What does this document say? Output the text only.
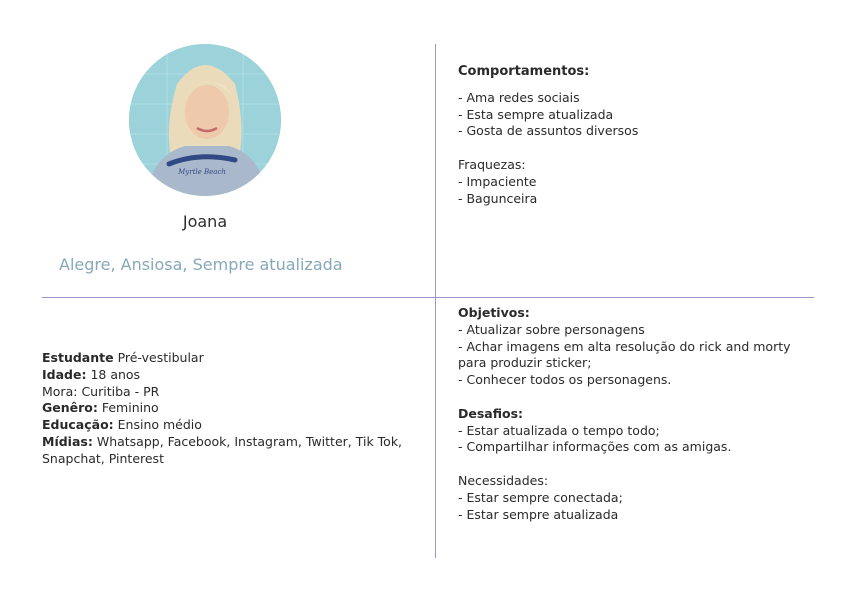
Myrtle Beach
Joana
Alegre, Ansiosa, Sempre atualizada
Comportamentos:
- Ama redes sociais
- Esta sempre atualizada
- Gosta de assuntos diversos
Fraquezas:
- Impaciente
- Bagunceira
Estudante Pré-vestibular
Idade: 18 anos
Mora: Curitiba - PR
Genêro: Feminino
Educação: Ensino médio
Mídias: Whatsapp, Facebook, Instagram, Twitter, Tik Tok,
Snapchat, Pinterest
Objetivos:
- Atualizar sobre personagens
- Achar imagens em alta resolução do rick and morty
para produzir sticker;
- Conhecer todos os personagens.
Desafios:
- Estar atualizada o tempo todo;
- Compartilhar informações com as amigas.
Necessidades:
- Estar sempre conectada;
- Estar sempre atualizada
